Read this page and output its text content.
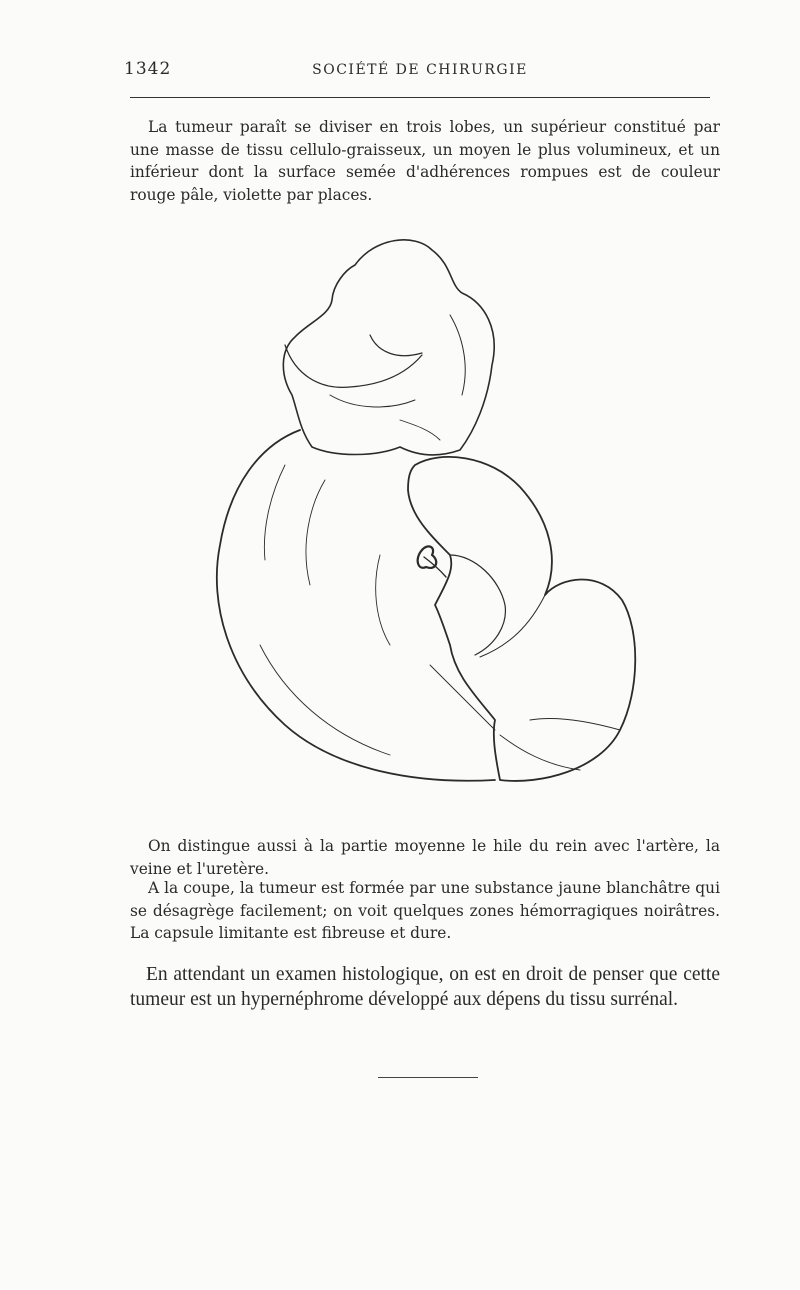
1342	SOCIÉTÉ DE CHIRURGIE

La tumeur paraît se diviser en trois lobes, un supérieur constitué par une masse de tissu cellulo-graisseux, un moyen le plus volumineux, et un inférieur dont la surface semée d'adhérences rompues est de couleur rouge pâle, violette par places.

On distingue aussi à la partie moyenne le hile du rein avec l'artère, la veine et l'uretère.

A la coupe, la tumeur est formée par une substance jaune blanchâtre qui se désagrège facilement; on voit quelques zones hémorragiques noirâtres. La capsule limitante est fibreuse et dure.

En attendant un examen histologique, on est en droit de penser que cette tumeur est un hypernéphrome développé aux dépens du tissu surrénal.
